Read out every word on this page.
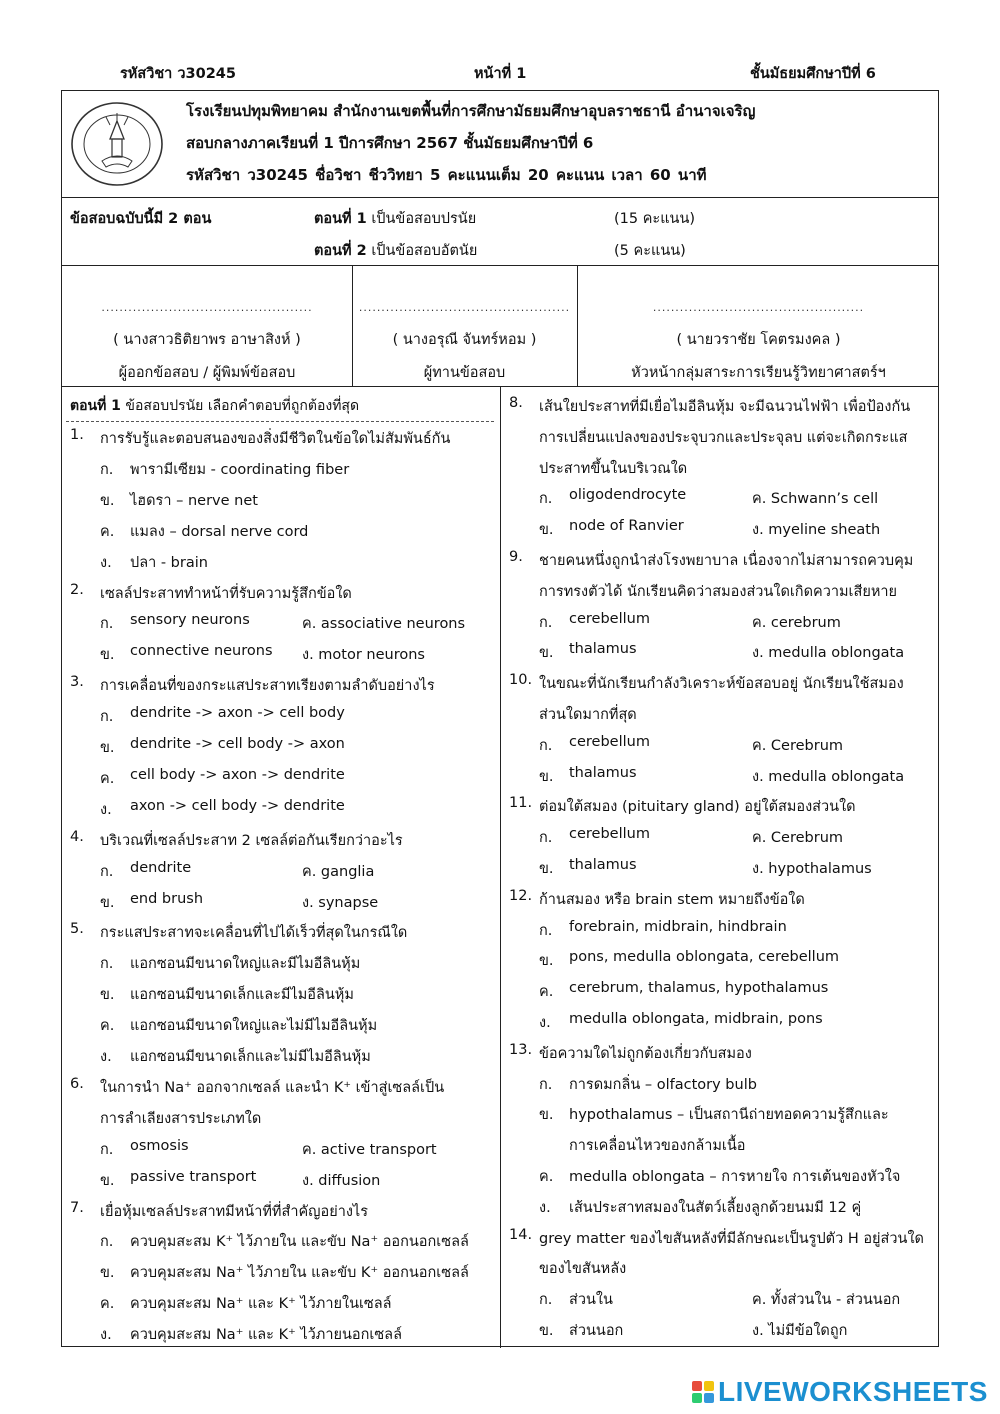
รหัสวิชา ว30245	หน้าที่ 1	ชั้นมัธยมศึกษาปีที่ 6
โรงเรียนปทุมพิทยาคม สำนักงานเขตพื้นที่การศึกษามัธยมศึกษาอุบลราชธานี อำนาจเจริญ
สอบกลางภาคเรียนที่ 1 ปีการศึกษา 2567 ชั้นมัธยมศึกษาปีที่ 6
รหัสวิชา ว30245 ชื่อวิชา ชีววิทยา 5 คะแนนเต็ม 20 คะแนน เวลา 60 นาที
ข้อสอบฉบับนี้มี 2 ตอน	ตอนที่ 1 เป็นข้อสอบปรนัย	(15 คะแนน)
ตอนที่ 2 เป็นข้อสอบอัตนัย	(5 คะแนน)
...............................................
( นางสาวธิติยาพร อาษาสิงห์ )
ผู้ออกข้อสอบ / ผู้พิมพ์ข้อสอบ
...............................................
( นางอรุณี จันทร์หอม )
ผู้ทานข้อสอบ
...............................................
( นายวราชัย โคตรมงคล )
หัวหน้ากลุ่มสาระการเรียนรู้วิทยาศาสตร์ฯ
ตอนที่ 1 ข้อสอบปรนัย เลือกคำตอบที่ถูกต้องที่สุด
1. การรับรู้และตอบสนองของสิ่งมีชีวิตในข้อใดไม่สัมพันธ์กัน
ก. พารามีเซียม - coordinating fiber
ข. ไฮดรา – nerve net
ค. แมลง – dorsal nerve cord
ง. ปลา - brain
2. เซลล์ประสาททำหน้าที่รับความรู้สึกข้อใด
ก. sensory neurons	ค. associative neurons
ข. connective neurons ง. motor neurons
3. การเคลื่อนที่ของกระแสประสาทเรียงตามลำดับอย่างไร
ก. dendrite -> axon -> cell body
ข. dendrite -> cell body -> axon
ค. cell body -> axon -> dendrite
ง. axon -> cell body -> dendrite
4. บริเวณที่เซลล์ประสาท 2 เซลล์ต่อกันเรียกว่าอะไร
ก. dendrite	ค. ganglia
ข. end brush	ง. synapse
5. กระแสประสาทจะเคลื่อนที่ไปได้เร็วที่สุดในกรณีใด
ก. แอกซอนมีขนาดใหญ่และมีไมอีลินหุ้ม
ข. แอกซอนมีขนาดเล็กและมีไมอีลินหุ้ม
ค. แอกซอนมีขนาดใหญ่และไม่มีไมอีลินหุ้ม
ง. แอกซอนมีขนาดเล็กและไม่มีไมอีลินหุ้ม
6. ในการนำ Na⁺ ออกจากเซลล์ และนำ K⁺ เข้าสู่เซลล์เป็น
การลำเลียงสารประเภทใด
ก. osmosis	ค. active transport
ข. passive transport	ง. diffusion
7. เยื่อหุ้มเซลล์ประสาทมีหน้าที่ที่สำคัญอย่างไร
ก. ควบคุมสะสม K⁺ ไว้ภายใน และขับ Na⁺ ออกนอกเซลล์
ข. ควบคุมสะสม Na⁺ ไว้ภายใน และขับ K⁺ ออกนอกเซลล์
ค. ควบคุมสะสม Na⁺ และ K⁺ ไว้ภายในเซลล์
ง. ควบคุมสะสม Na⁺ และ K⁺ ไว้ภายนอกเซลล์
8. เส้นใยประสาทที่มีเยื่อไมอีลินหุ้ม จะมีฉนวนไฟฟ้า เพื่อป้องกัน
การเปลี่ยนแปลงของประจุบวกและประจุลบ แต่จะเกิดกระแส
ประสาทขึ้นในบริเวณใด
ก. oligodendrocyte	ค. Schwann’s cell
ข. node of Ranvier	ง. myeline sheath
9. ชายคนหนึ่งถูกนำส่งโรงพยาบาล เนื่องจากไม่สามารถควบคุม
การทรงตัวได้ นักเรียนคิดว่าสมองส่วนใดเกิดความเสียหาย
ก. cerebellum	ค. cerebrum
ข. thalamus	ง. medulla oblongata
10. ในขณะที่นักเรียนกำลังวิเคราะห์ข้อสอบอยู่ นักเรียนใช้สมอง
ส่วนใดมากที่สุด
ก. cerebellum	ค. Cerebrum
ข. thalamus	ง. medulla oblongata
11. ต่อมใต้สมอง (pituitary gland) อยู่ใต้สมองส่วนใด
ก. cerebellum	ค. Cerebrum
ข. thalamus	ง. hypothalamus
12. ก้านสมอง หรือ brain stem หมายถึงข้อใด
ก. forebrain, midbrain, hindbrain
ข. pons, medulla oblongata, cerebellum
ค. cerebrum, thalamus, hypothalamus
ง. medulla oblongata, midbrain, pons
13. ข้อความใดไม่ถูกต้องเกี่ยวกับสมอง
ก. การดมกลิ่น – olfactory bulb
ข. hypothalamus – เป็นสถานีถ่ายทอดความรู้สึกและ
การเคลื่อนไหวของกล้ามเนื้อ
ค. medulla oblongata – การหายใจ การเต้นของหัวใจ
ง. เส้นประสาทสมองในสัตว์เลี้ยงลูกด้วยนมมี 12 คู่
14. grey matter ของไขสันหลังที่มีลักษณะเป็นรูปตัว H อยู่ส่วนใด
ของไขสันหลัง
ก. ส่วนใน	ค. ทั้งส่วนใน - ส่วนนอก
ข. ส่วนนอก	ง. ไม่มีข้อใดถูก
LIVEWORKSHEETS
